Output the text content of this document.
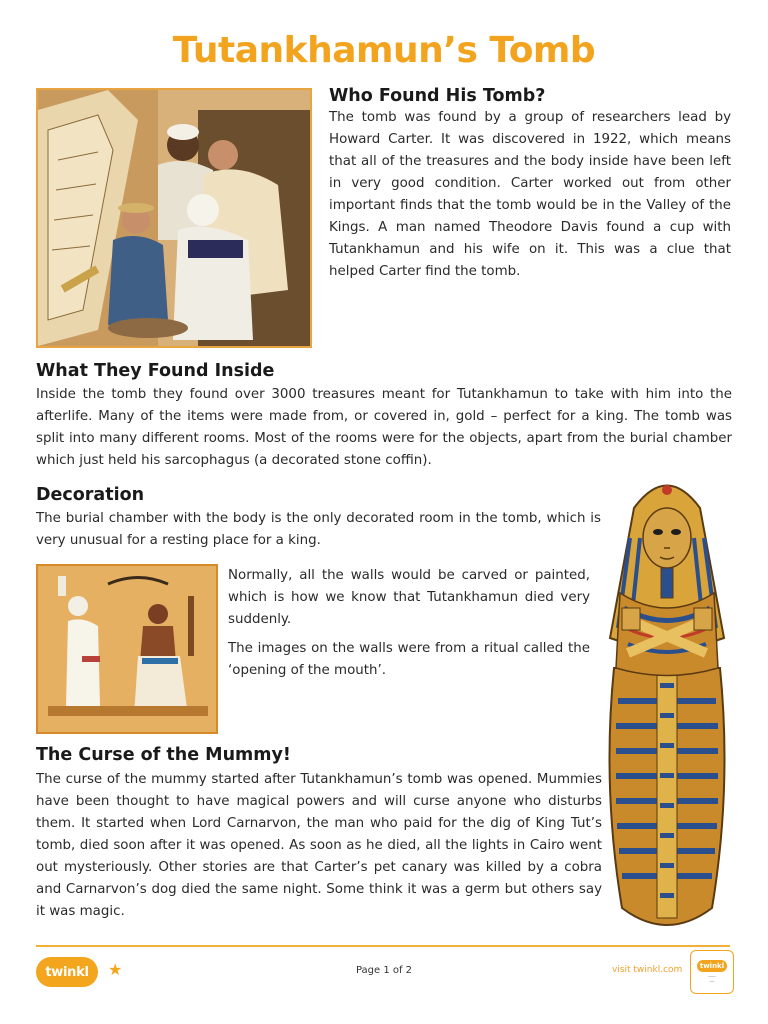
Tutankhamun’s Tomb
Who Found His Tomb?

The tomb was found by a group of researchers lead by Howard Carter. It was discovered in 1922, which means that all of the treasures and the body inside have been left in very good condition. Carter worked out from other important finds that the tomb would be in the Valley of the Kings. A man named Theodore Davis found a cup with Tutankhamun and his wife on it. This was a clue that helped Carter find the tomb.

What They Found Inside

Inside the tomb they found over 3000 treasures meant for Tutankhamun to take with him into the afterlife. Many of the items were made from, or covered in, gold – perfect for a king. The tomb was split into many different rooms. Most of the rooms were for the objects, apart from the burial chamber which just held his sarcophagus (a decorated stone coffin).

Decoration

The burial chamber with the body is the only decorated room in the tomb, which is very unusual for a resting place for a king.

Normally, all the walls would be carved or painted, which is how we know that Tutankhamun died very suddenly.

The images on the walls were from a ritual called the ‘opening of the mouth’.

The Curse of the Mummy!

The curse of the mummy started after Tutankhamun’s tomb was opened. Mummies have been thought to have magical powers and will curse anyone who disturbs them. It started when Lord Carnarvon, the man who paid for the dig of King Tut’s tomb, died soon after it was opened. As soon as he died, all the lights in Cairo went out mysteriously. Other stories are that Carter’s pet canary was killed by a cobra and Carnarvon’s dog died the same night. Some think it was a germ but others say it was magic.

twinkl	★	Page 1 of 2	visit twinkl.com	twinkl
───
──
